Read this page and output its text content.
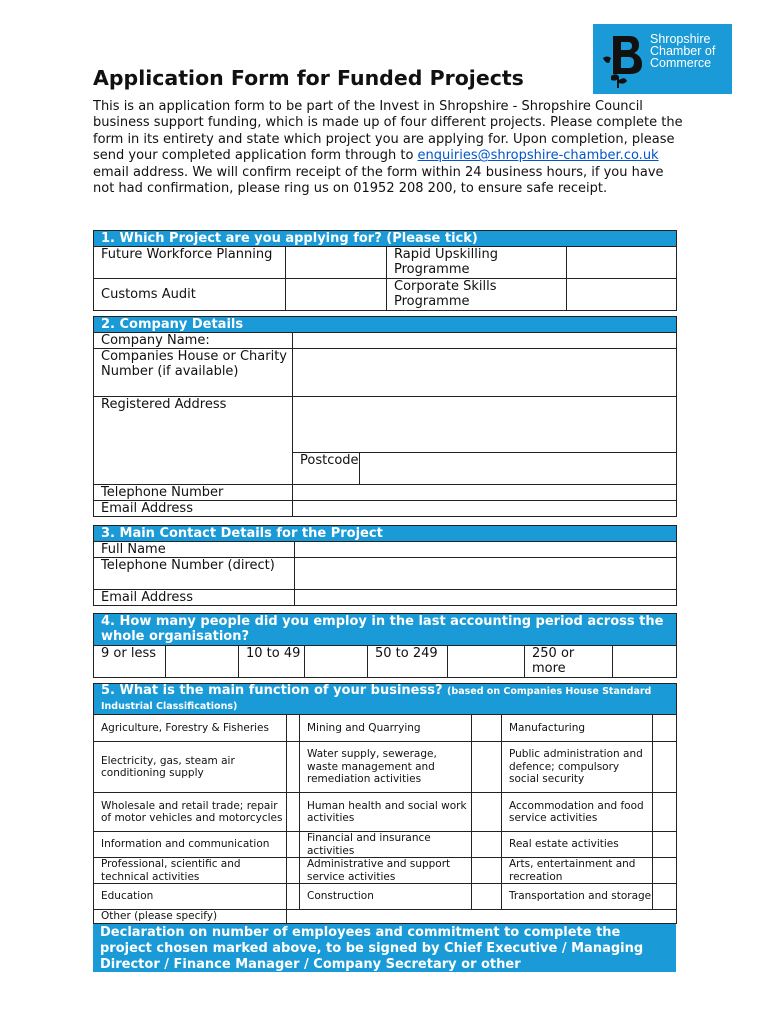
Shropshire
Chamber of
Commerce
Application Form for Funded Projects

This is an application form to be part of the Invest in Shropshire - Shropshire Council business support funding, which is made up of four different projects. Please complete the form in its entirety and state which project you are applying for. Upon completion, please send your completed application form through to enquiries@shropshire-chamber.co.uk email address. We will confirm receipt of the form within 24 business hours, if you have not had confirmation, please ring us on 01952 208 200, to ensure safe receipt.

1. Which Project are you applying for? (Please tick)			
Future Workforce Planning		Rapid Upskilling Programme	
Customs Audit		Corporate Skills Programme	
2. Company Details		
Company Name:		
Companies House or Charity Number (if available)		
Registered Address		
	Postcode	
Telephone Number		
Email Address		
3. Main Contact Details for the Project	
Full Name	
Telephone Number (direct)	
Email Address	
4. How many people did you employ in the last accounting period across the whole organisation?
9 or less		10 to 49		50 to 249		250 or more	
5. What is the main function of your business? (based on Companies House Standard Industrial Classifications)					
Agriculture, Forestry & Fisheries		Mining and Quarrying		Manufacturing	
Electricity, gas, steam air conditioning supply		Water supply, sewerage, waste management and remediation activities		Public administration and defence; compulsory social security	
Wholesale and retail trade; repair of motor vehicles and motorcycles		Human health and social work activities		Accommodation and food service activities	
Information and communication		Financial and insurance activities		Real estate activities	
Professional, scientific and technical activities		Administrative and support service activities		Arts, entertainment and recreation	
Education		Construction		Transportation and storage	
Other (please specify)					
Declaration on number of employees and commitment to complete the project chosen marked above, to be signed by Chief Executive / Managing Director / Finance Manager / Company Secretary or other
